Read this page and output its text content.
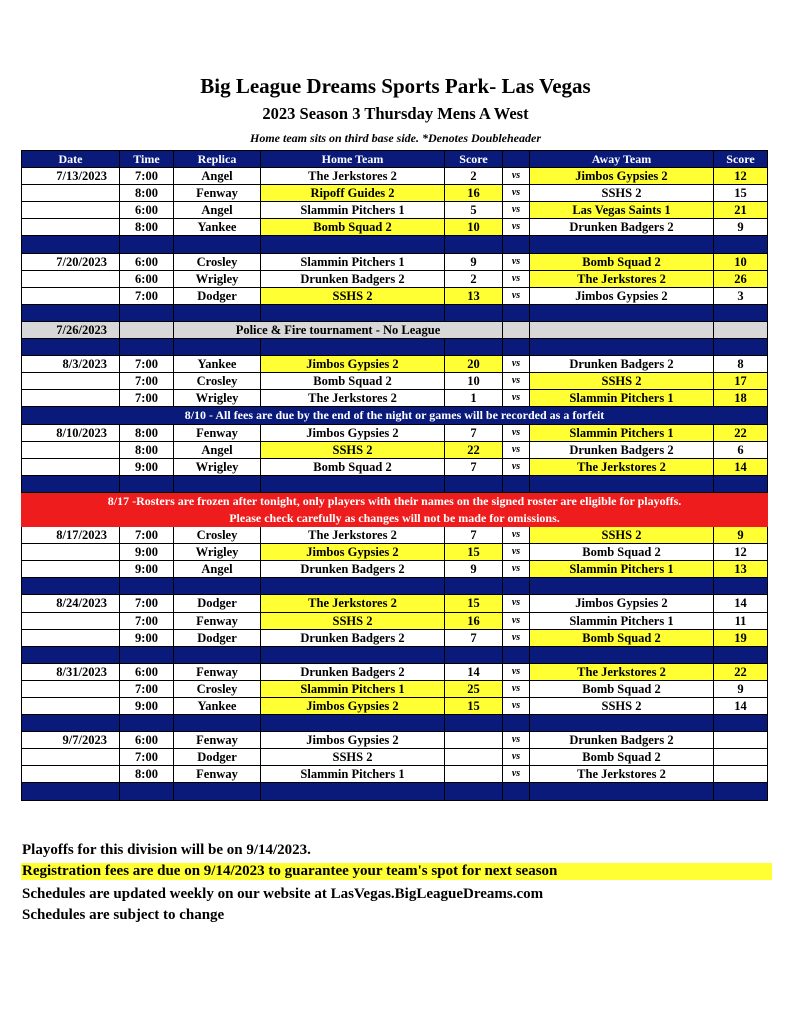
Big League Dreams Sports Park- Las Vegas
2023 Season 3 Thursday Mens A West
Home team sits on third base side. *Denotes Doubleheader
Date	Time	Replica	Home Team	Score		Away Team	Score
7/13/2023	7:00	Angel	The Jerkstores 2	2	vs	Jimbos Gypsies 2	12
	8:00	Fenway	Ripoff Guides 2	16	vs	SSHS 2	15
	6:00	Angel	Slammin Pitchers 1	5	vs	Las Vegas Saints 1	21
	8:00	Yankee	Bomb Squad 2	10	vs	Drunken Badgers 2	9

7/20/2023	6:00	Crosley	Slammin Pitchers 1	9	vs	Bomb Squad 2	10
	6:00	Wrigley	Drunken Badgers 2	2	vs	The Jerkstores 2	26
	7:00	Dodger	SSHS 2	13	vs	Jimbos Gypsies 2	3

7/26/2023		Police & Fire tournament - No League					

8/3/2023	7:00	Yankee	Jimbos Gypsies 2	20	vs	Drunken Badgers 2	8
	7:00	Crosley	Bomb Squad 2	10	vs	SSHS 2	17
	7:00	Wrigley	The Jerkstores 2	1	vs	Slammin Pitchers 1	18
8/10 - All fees are due by the end of the night or games will be recorded as a forfeit							
8/10/2023	8:00	Fenway	Jimbos Gypsies 2	7	vs	Slammin Pitchers 1	22
	8:00	Angel	SSHS 2	22	vs	Drunken Badgers 2	6
	9:00	Wrigley	Bomb Squad 2	7	vs	The Jerkstores 2	14

8/17 -Rosters are frozen after tonight, only players with their names on the signed roster are eligible for playoffs.							
Please check carefully as changes will not be made for omissions.							
8/17/2023	7:00	Crosley	The Jerkstores 2	7	vs	SSHS 2	9
	9:00	Wrigley	Jimbos Gypsies 2	15	vs	Bomb Squad 2	12
	9:00	Angel	Drunken Badgers 2	9	vs	Slammin Pitchers 1	13

8/24/2023	7:00	Dodger	The Jerkstores 2	15	vs	Jimbos Gypsies 2	14
	7:00	Fenway	SSHS 2	16	vs	Slammin Pitchers 1	11
	9:00	Dodger	Drunken Badgers 2	7	vs	Bomb Squad 2	19

8/31/2023	6:00	Fenway	Drunken Badgers 2	14	vs	The Jerkstores 2	22
	7:00	Crosley	Slammin Pitchers 1	25	vs	Bomb Squad 2	9
	9:00	Yankee	Jimbos Gypsies 2	15	vs	SSHS 2	14

9/7/2023	6:00	Fenway	Jimbos Gypsies 2		vs	Drunken Badgers 2	
	7:00	Dodger	SSHS 2		vs	Bomb Squad 2	
	8:00	Fenway	Slammin Pitchers 1		vs	The Jerkstores 2	

Playoffs for this division will be on 9/14/2023.
Registration fees are due on 9/14/2023 to guarantee your team's spot for next season
Schedules are updated weekly on our website at LasVegas.BigLeagueDreams.com
Schedules are subject to change
